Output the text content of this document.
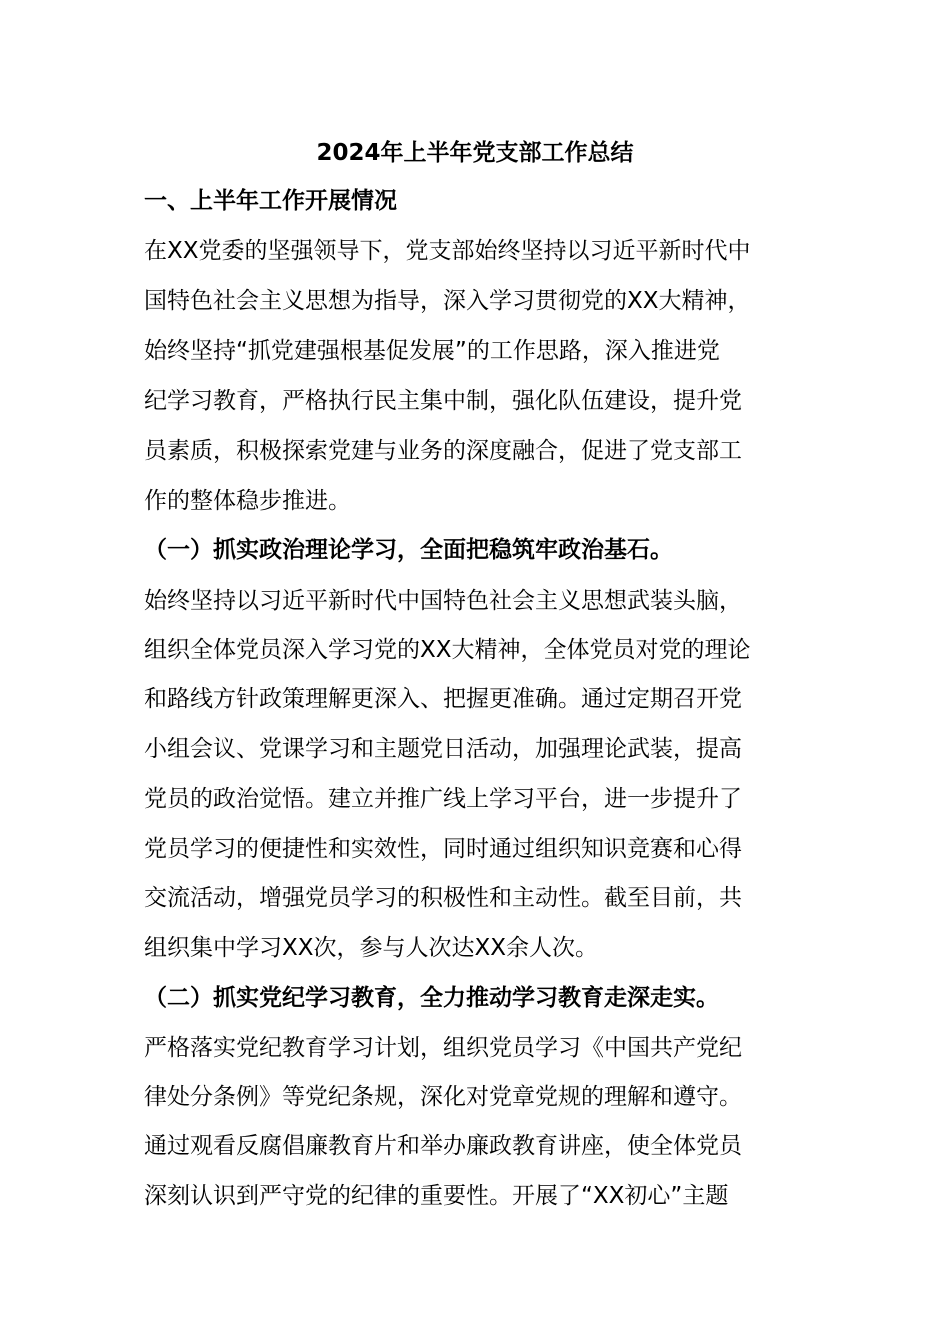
2024年上半年党支部工作总结
一、上半年工作开展情况
在XX党委的坚强领导下，党支部始终坚持以习近平新时代中
国特色社会主义思想为指导，深入学习贯彻党的XX大精神，
始终坚持“抓党建强根基促发展”的工作思路，深入推进党
纪学习教育，严格执行民主集中制，强化队伍建设，提升党
员素质，积极探索党建与业务的深度融合，促进了党支部工
作的整体稳步推进。
（一）抓实政治理论学习，全面把稳筑牢政治基石。
始终坚持以习近平新时代中国特色社会主义思想武装头脑，
组织全体党员深入学习党的XX大精神，全体党员对党的理论
和路线方针政策理解更深入、把握更准确。通过定期召开党
小组会议、党课学习和主题党日活动，加强理论武装，提高
党员的政治觉悟。建立并推广线上学习平台，进一步提升了
党员学习的便捷性和实效性，同时通过组织知识竞赛和心得
交流活动，增强党员学习的积极性和主动性。截至目前，共
组织集中学习XX次，参与人次达XX余人次。
（二）抓实党纪学习教育，全力推动学习教育走深走实。
严格落实党纪教育学习计划，组织党员学习《中国共产党纪
律处分条例》等党纪条规，深化对党章党规的理解和遵守。
通过观看反腐倡廉教育片和举办廉政教育讲座，使全体党员
深刻认识到严守党的纪律的重要性。开展了“XX初心”主题
